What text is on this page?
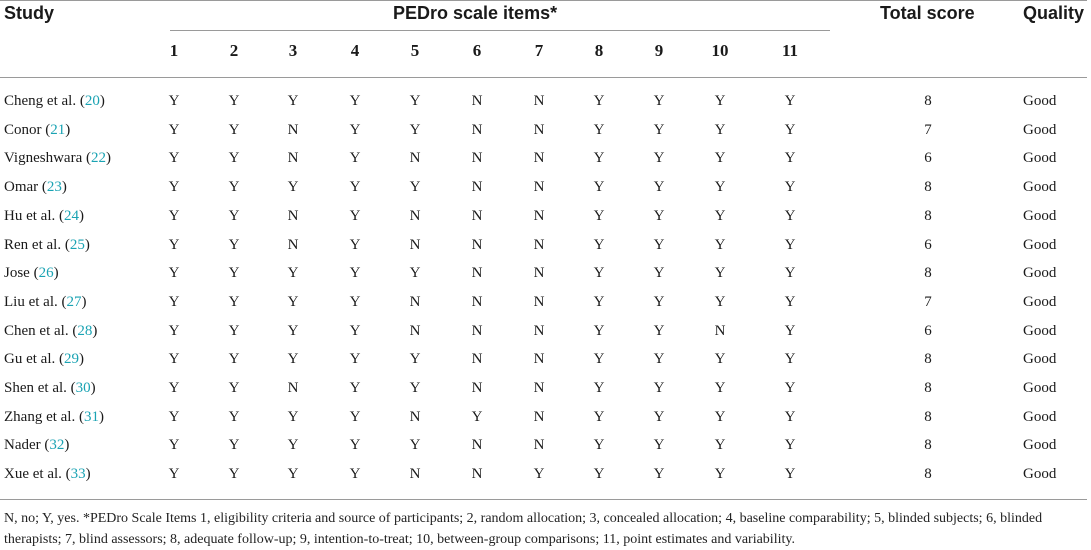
Study	PEDro scale items*	Total score	Quality
1	2	3	4	5	6	7	8	9	10	11
Cheng et al. (20)	Y	Y	Y	Y	Y	N	N	Y	Y	Y	Y	8	Good
Conor (21)	Y	Y	N	Y	Y	N	N	Y	Y	Y	Y	7	Good
Vigneshwara (22)	Y	Y	N	Y	N	N	N	Y	Y	Y	Y	6	Good
Omar (23)	Y	Y	Y	Y	Y	N	N	Y	Y	Y	Y	8	Good
Hu et al. (24)	Y	Y	N	Y	N	N	N	Y	Y	Y	Y	8	Good
Ren et al. (25)	Y	Y	N	Y	N	N	N	Y	Y	Y	Y	6	Good
Jose (26)	Y	Y	Y	Y	Y	N	N	Y	Y	Y	Y	8	Good
Liu et al. (27)	Y	Y	Y	Y	N	N	N	Y	Y	Y	Y	7	Good
Chen et al. (28)	Y	Y	Y	Y	N	N	N	Y	Y	N	Y	6	Good
Gu et al. (29)	Y	Y	Y	Y	Y	N	N	Y	Y	Y	Y	8	Good
Shen et al. (30)	Y	Y	N	Y	Y	N	N	Y	Y	Y	Y	8	Good
Zhang et al. (31)	Y	Y	Y	Y	N	Y	N	Y	Y	Y	Y	8	Good
Nader (32)	Y	Y	Y	Y	Y	N	N	Y	Y	Y	Y	8	Good
Xue et al. (33)	Y	Y	Y	Y	N	N	Y	Y	Y	Y	Y	8	Good
N, no; Y, yes. *PEDro Scale Items 1, eligibility criteria and source of participants; 2, random allocation; 3, concealed allocation; 4, baseline comparability; 5, blinded subjects; 6, blinded therapists; 7, blind assessors; 8, adequate follow-up; 9, intention-to-treat; 10, between-group comparisons; 11, point estimates and variability.
